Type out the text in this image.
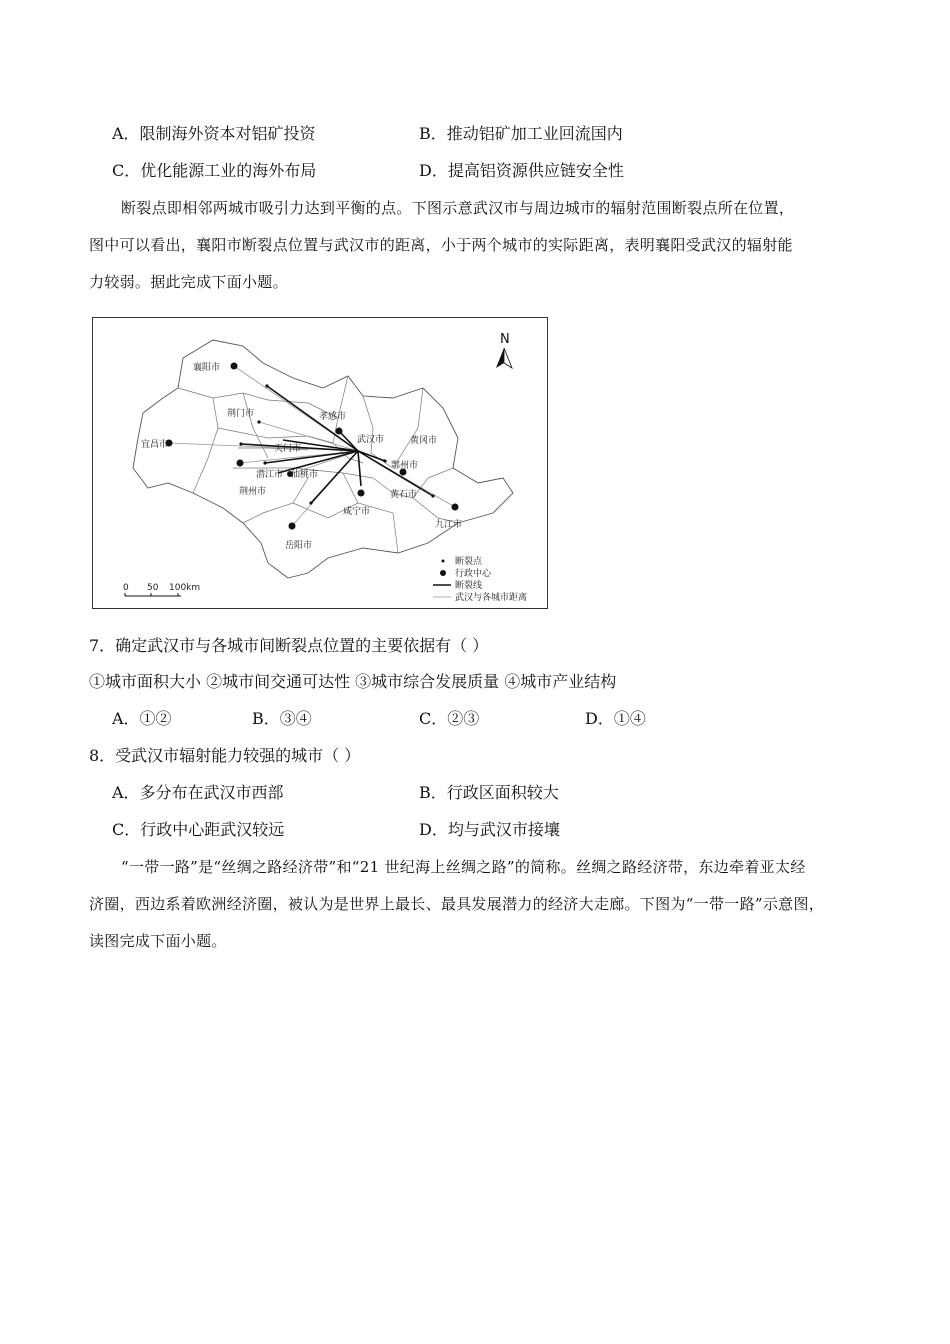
A．限制海外资本对铝矿投资	B．推动铝矿加工业回流国内
C．优化能源工业的海外布局	D．提高铝资源供应链安全性
断裂点即相邻两城市吸引力达到平衡的点。下图示意武汉市与周边城市的辐射范围断裂点所在位置，
图中可以看出，襄阳市断裂点位置与武汉市的距离，小于两个城市的实际距离，表明襄阳受武汉的辐射能
力较弱。据此完成下面小题。
襄阳市
荆门市	孝感市
武汉市	黄冈市
宜昌市	天门市
潜江市 仙桃市
鄂州市
荆州市	黄石市
咸宁市
九江市
岳阳市
N
0 50 100km
断裂点
行政中心
断裂线
武汉与各城市距离
7．确定武汉市与各城市间断裂点位置的主要依据有（ ）
①城市面积大小 ②城市间交通可达性 ③城市综合发展质量 ④城市产业结构
A．①②	B．③④	C．②③	D．①④
8．受武汉市辐射能力较强的城市（ ）
A．多分布在武汉市西部	B．行政区面积较大
C．行政中心距武汉较远	D．均与武汉市接壤
“一带一路”是“丝绸之路经济带”和“21 世纪海上丝绸之路”的简称。丝绸之路经济带，东边牵着亚太经
济圈，西边系着欧洲经济圈，被认为是世界上最长、最具发展潜力的经济大走廊。下图为“一带一路”示意图，
读图完成下面小题。
